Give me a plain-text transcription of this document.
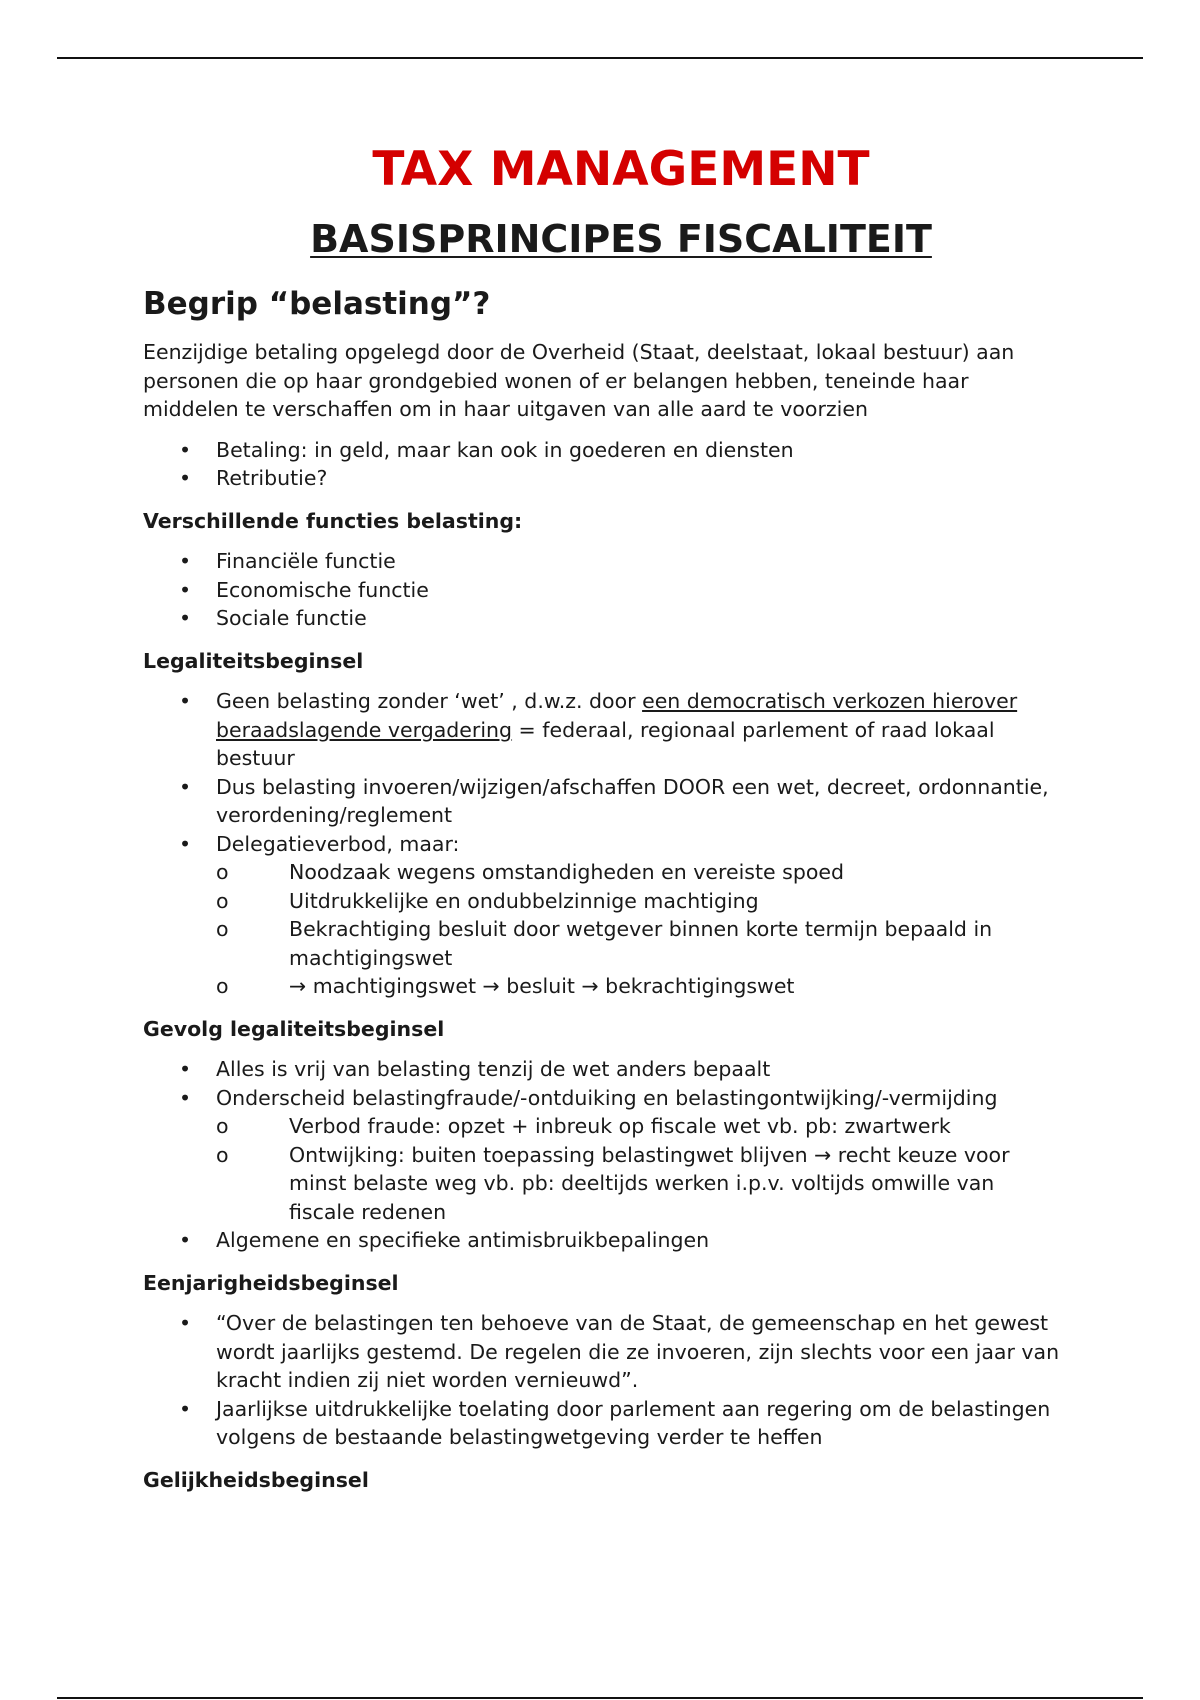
TAX MANAGEMENT
BASISPRINCIPES FISCALITEIT
Begrip “belasting”?

Eenzijdige betaling opgelegd door de Overheid (Staat, deelstaat, lokaal bestuur) aan personen die op haar grondgebied wonen of er belangen hebben, teneinde haar middelen te verschaffen om in haar uitgaven van alle aard te voorzien

• Betaling: in geld, maar kan ook in goederen en diensten
• Retributie?
Verschillende functies belasting:
• Financiële functie
• Economische functie
• Sociale functie
Legaliteitsbeginsel
• Geen belasting zonder ‘wet’ , d.w.z. door een democratisch verkozen hierover beraadslagende vergadering = federaal, regionaal parlement of raad lokaal bestuur
• Dus belasting invoeren/wijzigen/afschaffen DOOR een wet, decreet, ordonnantie, verordening/reglement
• Delegatieverbod, maar:
o	Noodzaak wegens omstandigheden en vereiste spoed
o	Uitdrukkelijke en ondubbelzinnige machtiging
o	Bekrachtiging besluit door wetgever binnen korte termijn bepaald in machtigingswet
o	→ machtigingswet → besluit → bekrachtigingswet
Gevolg legaliteitsbeginsel
• Alles is vrij van belasting tenzij de wet anders bepaalt
• Onderscheid belastingfraude/-ontduiking en belastingontwijking/-vermijding
o	Verbod fraude: opzet + inbreuk op fiscale wet vb. pb: zwartwerk
o	Ontwijking: buiten toepassing belastingwet blijven → recht keuze voor minst belaste weg vb. pb: deeltijds werken i.p.v. voltijds omwille van fiscale redenen
• Algemene en specifieke antimisbruikbepalingen
Eenjarigheidsbeginsel
• “Over de belastingen ten behoeve van de Staat, de gemeenschap en het gewest wordt jaarlijks gestemd. De regelen die ze invoeren, zijn slechts voor een jaar van kracht indien zij niet worden vernieuwd”.
• Jaarlijkse uitdrukkelijke toelating door parlement aan regering om de belastingen volgens de bestaande belastingwetgeving verder te heffen
Gelijkheidsbeginsel
